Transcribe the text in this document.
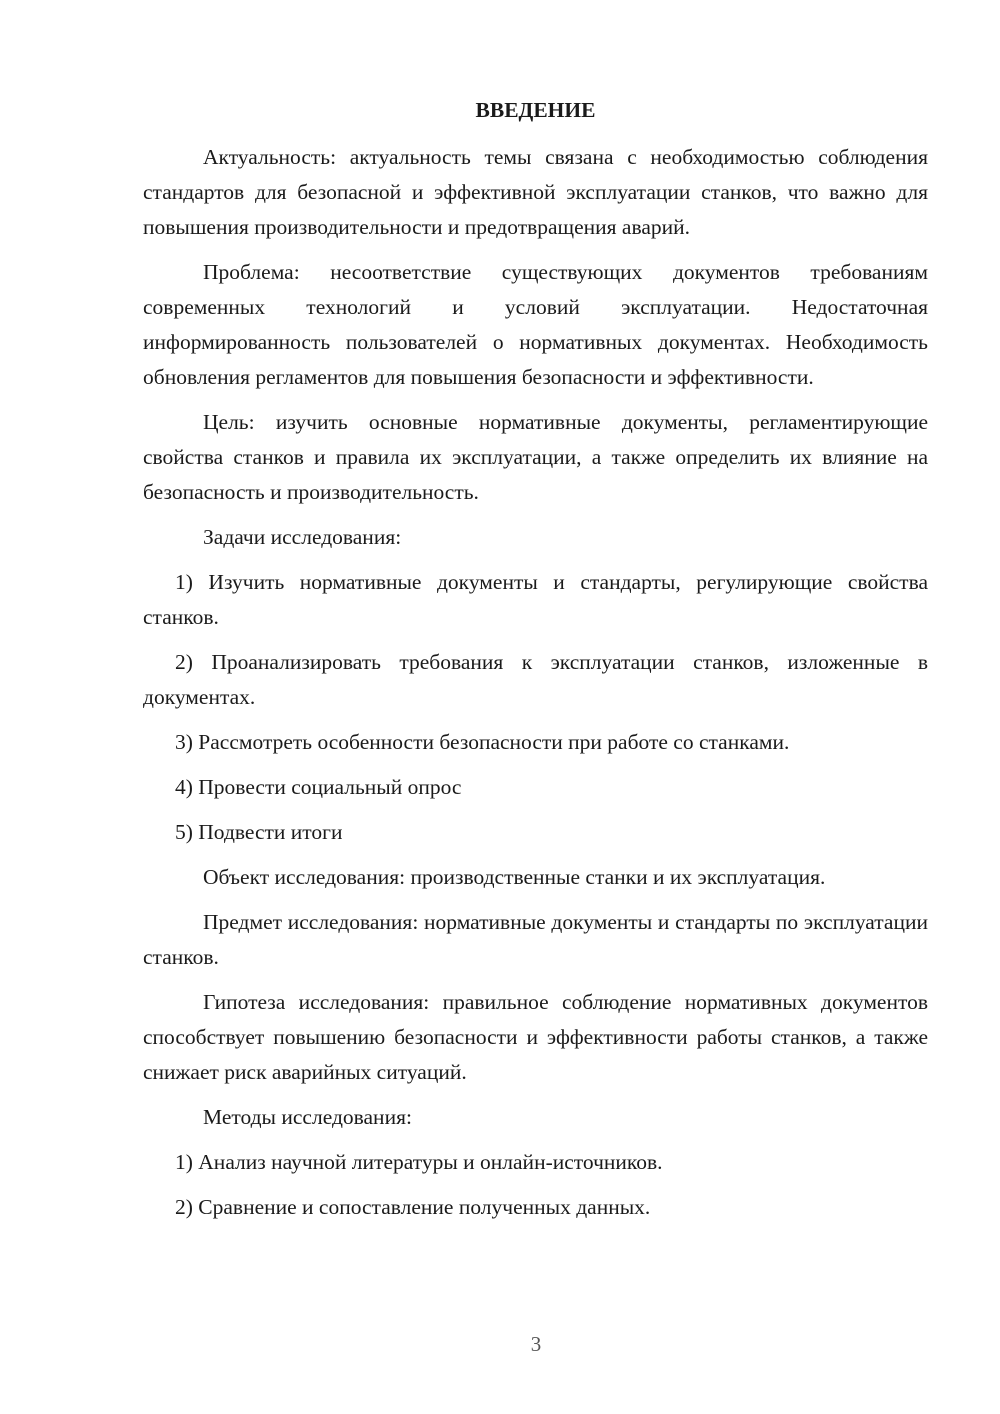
ВВЕДЕНИЕ

Актуальность: актуальность темы связана с необходимостью соблюдения стандартов для безопасной и эффективной эксплуатации станков, что важно для повышения производительности и предотвращения аварий.

Проблема: несоответствие существующих документов требованиям современных технологий и условий эксплуатации. Недостаточная информированность пользователей о нормативных документах. Необходимость обновления регламентов для повышения безопасности и эффективности.

Цель: изучить основные нормативные документы, регламентирующие свойства станков и правила их эксплуатации, а также определить их влияние на безопасность и производительность.

Задачи исследования:

1) Изучить нормативные документы и стандарты, регулирующие свойства станков.

2) Проанализировать требования к эксплуатации станков, изложенные в документах.

3) Рассмотреть особенности безопасности при работе со станками.

4) Провести социальный опрос

5) Подвести итоги

Объект исследования: производственные станки и их эксплуатация.

Предмет исследования: нормативные документы и стандарты по эксплуатации станков.

Гипотеза исследования: правильное соблюдение нормативных документов способствует повышению безопасности и эффективности работы станков, а также снижает риск аварийных ситуаций.

Методы исследования:

1) Анализ научной литературы и онлайн-источников.

2) Сравнение и сопоставление полученных данных.

3
